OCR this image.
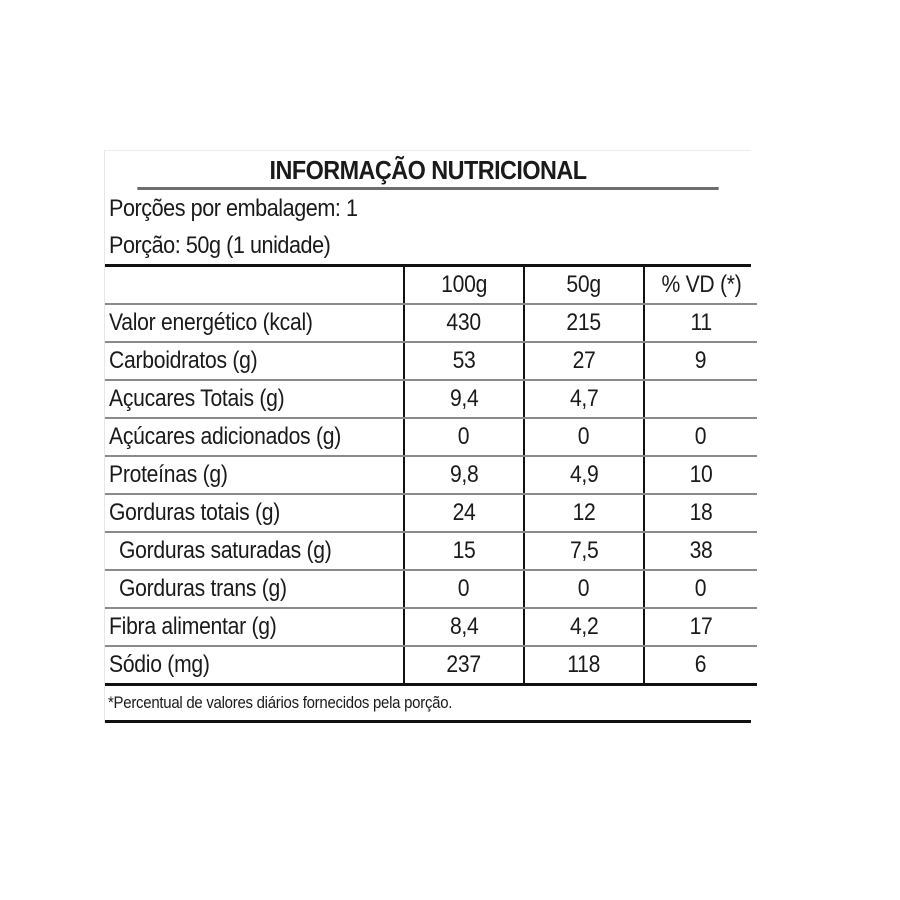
INFORMAÇÃO NUTRICIONAL
Porções por embalagem: 1
Porção: 50g (1 unidade)
	100g	50g	% VD (*)
Valor energético (kcal)	430	215	11
Carboidratos (g)	53	27	9
Açucares Totais (g)	9,4	4,7	
Açúcares adicionados (g)	0	0	0
Proteínas (g)	9,8	4,9	10
Gorduras totais (g)	24	12	18
Gorduras saturadas (g)	15	7,5	38
Gorduras trans (g)	0	0	0
Fibra alimentar (g)	8,4	4,2	17
Sódio (mg)	237	118	6
*Percentual de valores diários fornecidos pela porção.
